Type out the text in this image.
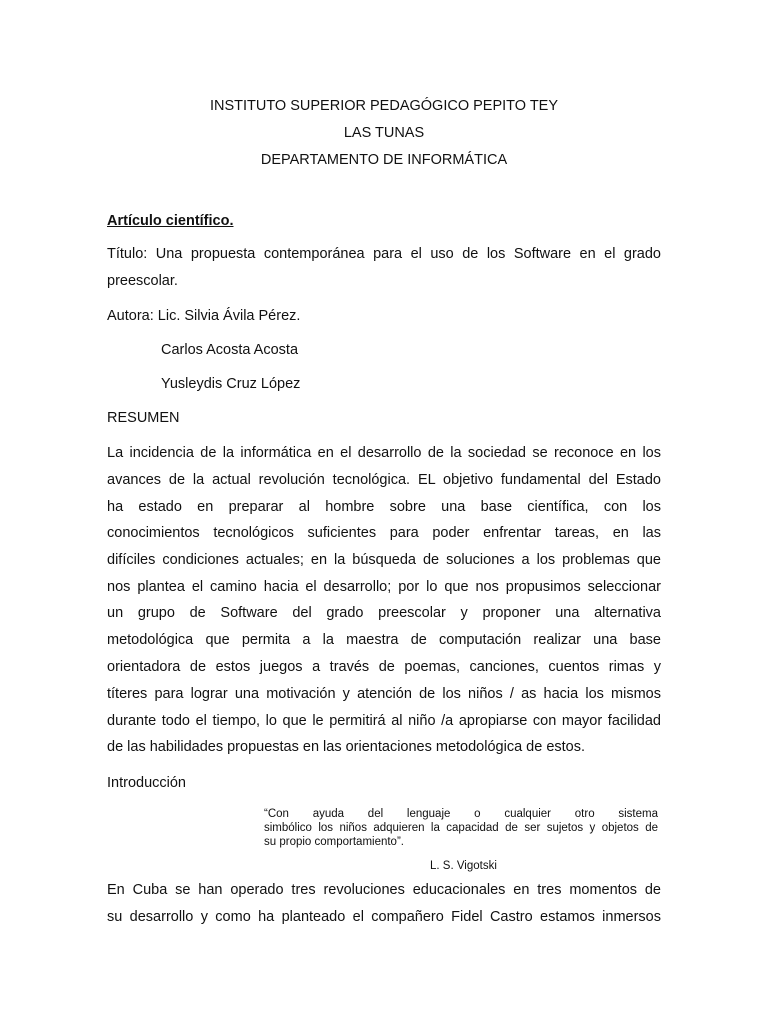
INSTITUTO SUPERIOR PEDAGÓGICO PEPITO TEY
LAS TUNAS
DEPARTAMENTO DE INFORMÁTICA
Artículo científico.
Título: Una propuesta contemporánea para el uso de los Software en el grado
preescolar.
Autora: Lic. Silvia Ávila Pérez.
Carlos Acosta Acosta
Yusleydis Cruz López
RESUMEN
La incidencia de la informática en el desarrollo de la sociedad se reconoce en los
avances de la actual revolución tecnológica. EL objetivo fundamental del Estado
ha estado en preparar al hombre sobre una base científica, con los
conocimientos tecnológicos suficientes para poder enfrentar tareas, en las
difíciles condiciones actuales; en la búsqueda de soluciones a los problemas que
nos plantea el camino hacia el desarrollo; por lo que nos propusimos seleccionar
un grupo de Software del grado preescolar y proponer una alternativa
metodológica que permita a la maestra de computación realizar una base
orientadora de estos juegos a través de poemas, canciones, cuentos rimas y
títeres para lograr una motivación y atención de los niños / as hacia los mismos
durante todo el tiempo, lo que le permitirá al niño /a apropiarse con mayor facilidad
de las habilidades propuestas en las orientaciones metodológica de estos.
Introducción
“Con ayuda del lenguaje o cualquier otro sistema
simbólico los niños adquieren la capacidad de ser sujetos y objetos de
su propio comportamiento”.
L. S. Vigotski
En Cuba se han operado tres revoluciones educacionales en tres momentos de
su desarrollo y como ha planteado el compañero Fidel Castro estamos inmersos
